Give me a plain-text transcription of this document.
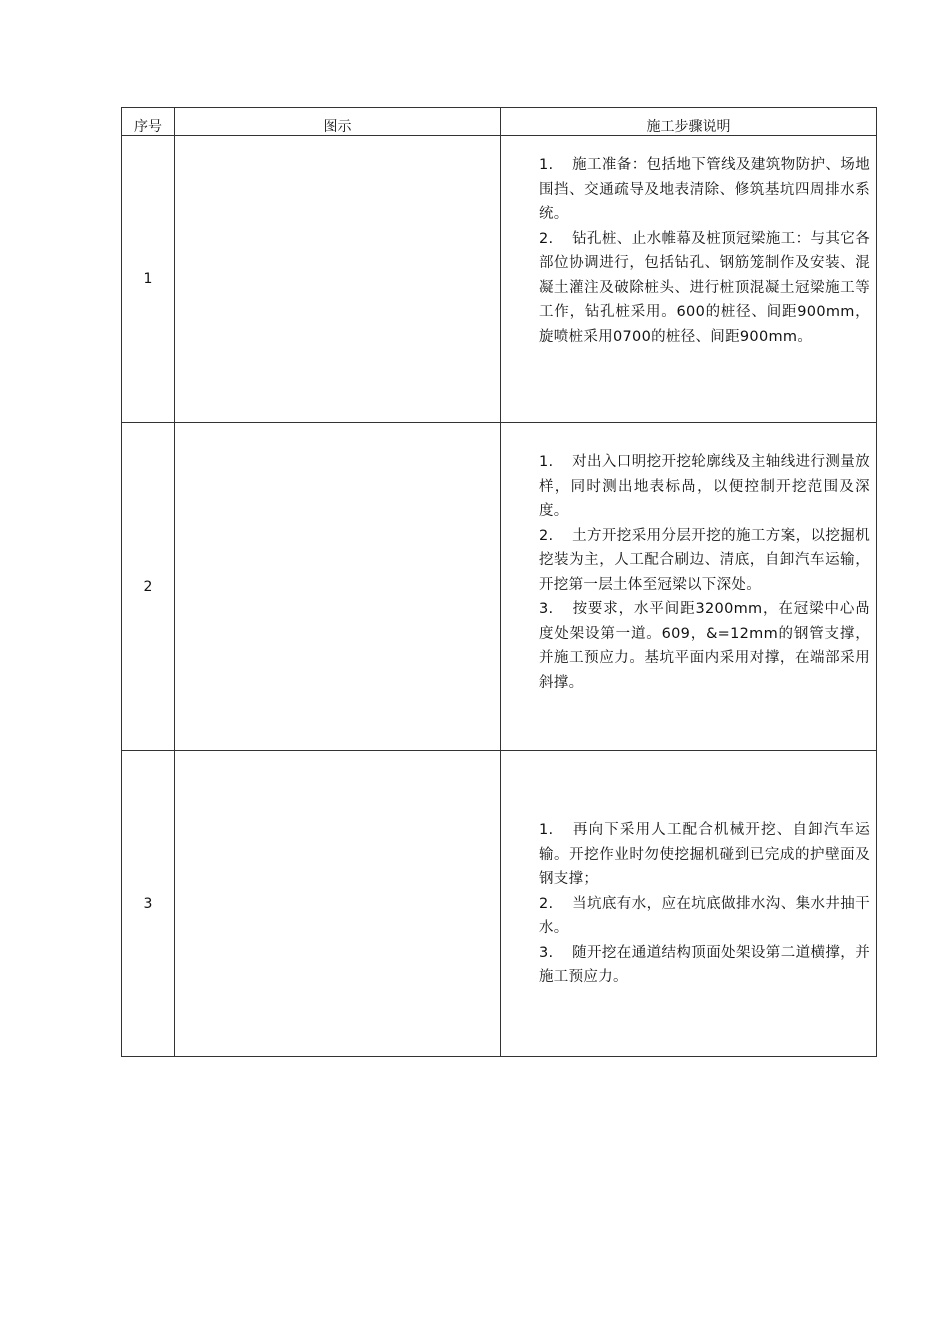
序号	图示	施工步骤说明
1		1. 施工准备：包括地下管线及建筑物防护、场地围挡、交通疏导及地表清除、修筑基坑四周排水系统。

2. 钻孔桩、止水帷幕及桩顶冠梁施工：与其它各部位协调进行，包括钻孔、钢筋笼制作及安装、混凝土灌注及破除桩头、进行桩顶混凝土冠梁施工等工作，钻孔桩采用。600的桩径、间距900mm，旋喷桩采用0700的桩径、间距900mm。

2		1. 对出入口明挖开挖轮廓线及主轴线进行测量放样，同时测出地表标咼，以便控制开挖范围及深度。

2. 土方开挖采用分层开挖的施工方案，以挖掘机挖装为主，人工配合刷边、清底，自卸汽车运输，开挖第一层土体至冠梁以下深处。

3. 按要求，水平间距3200mm，在冠梁中心咼度处架设第一道。609，&=12mm的钢管支撑，并施工预应力。基坑平面内采用对撑，在端部采用斜撑。

3		1. 再向下采用人工配合机械开挖、自卸汽车运输。开挖作业时勿使挖掘机碰到已完成的护壁面及钢支撑；

2. 当坑底有水，应在坑底做排水沟、集水井抽干水。

3. 随开挖在通道结构顶面处架设第二道横撑，并施工预应力。
